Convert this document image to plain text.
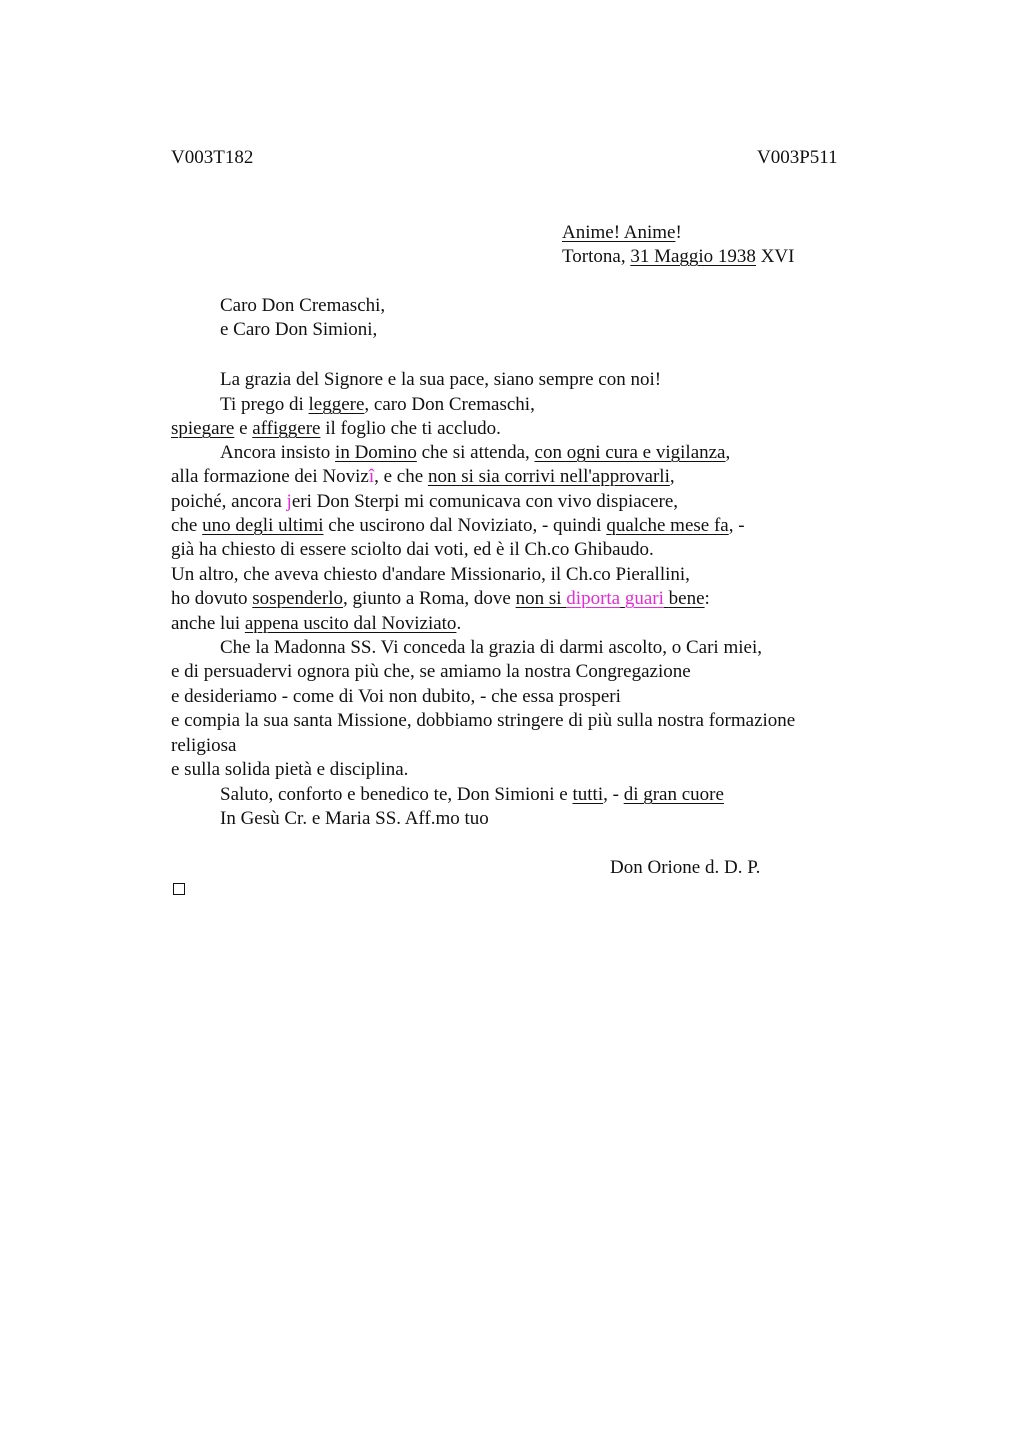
V003T182	V003P511
Anime! Anime!
Tortona, 31 Maggio 1938 XVI
Caro Don Cremaschi,
e Caro Don Simioni,
La grazia del Signore e la sua pace, siano sempre con noi!
Ti prego di leggere, caro Don Cremaschi,
spiegare e affiggere il foglio che ti accludo.
Ancora insisto in Domino che si attenda, con ogni cura e vigilanza,
alla formazione dei Novizî, e che non si sia corrivi nell'approvarli,
poiché, ancora jeri Don Sterpi mi comunicava con vivo dispiacere,
che uno degli ultimi che uscirono dal Noviziato, - quindi qualche mese fa, -
già ha chiesto di essere sciolto dai voti, ed è il Ch.co Ghibaudo.
Un altro, che aveva chiesto d'andare Missionario, il Ch.co Pierallini,
ho dovuto sospenderlo, giunto a Roma, dove non si diporta guari bene:
anche lui appena uscito dal Noviziato.
Che la Madonna SS. Vi conceda la grazia di darmi ascolto, o Cari miei,
e di persuadervi ognora più che, se amiamo la nostra Congregazione
e desideriamo - come di Voi non dubito, - che essa prosperi
e compia la sua santa Missione, dobbiamo stringere di più sulla nostra formazione
religiosa
e sulla solida pietà e disciplina.
Saluto, conforto e benedico te, Don Simioni e tutti, - di gran cuore
In Gesù Cr. e Maria SS. Aff.mo tuo
Don Orione d. D. P.
